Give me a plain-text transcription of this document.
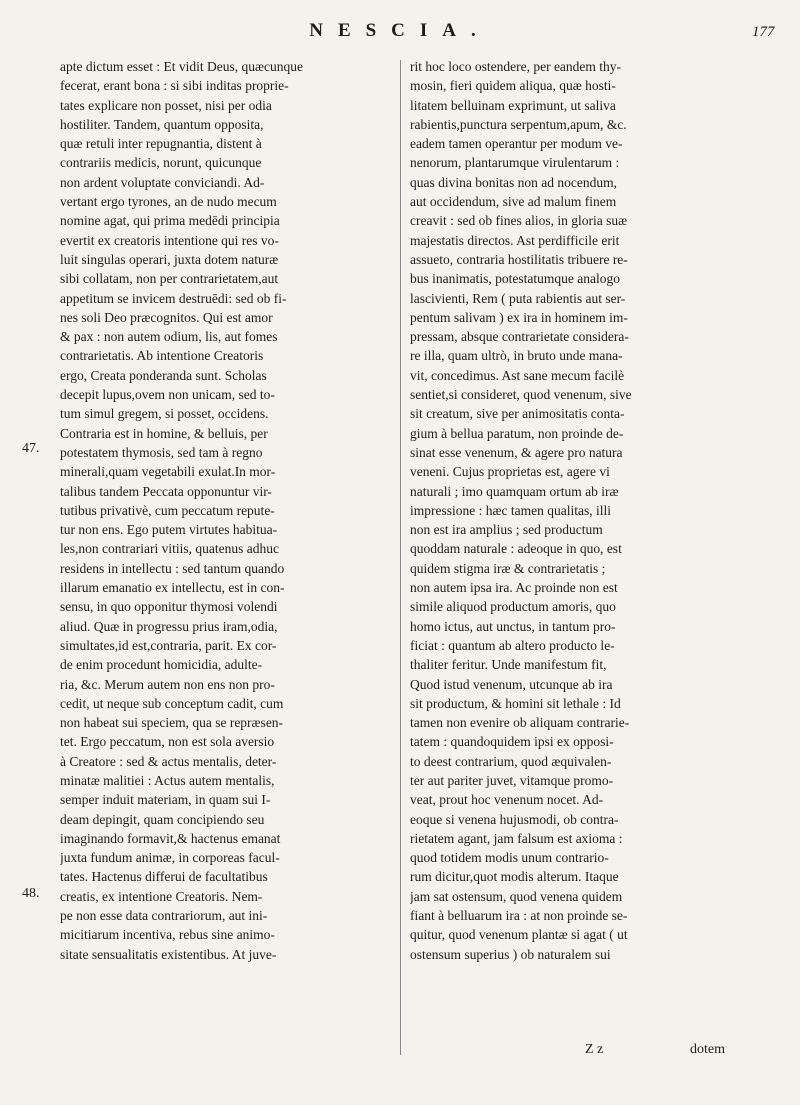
NESCIA.	177
47.
48.
apte dictum esset : Et vidit Deus, quæcunque
fecerat, erant bona : si sibi inditas proprie-
tates explicare non posset, nisi per odia
hostiliter. Tandem, quantum opposita,
quæ retuli inter repugnantia, distent à
contrariis medicis, norunt, quicunque
non ardent voluptate conviciandi. Ad-
vertant ergo tyrones, an de nudo mecum
nomine agat, qui prima medēdi principia
evertit ex creatoris intentione qui res vo-
luit singulas operari, juxta dotem naturæ
sibi collatam, non per contrarietatem,aut
appetitum se invicem destruēdi: sed ob fi-
nes soli Deo præcognitos. Qui est amor
& pax : non autem odium, lis, aut fomes
contrarietatis. Ab intentione Creatoris
ergo, Creata ponderanda sunt. Scholas
decepit lupus,ovem non unicam, sed to-
tum simul gregem, si posset, occidens.
Contraria est in homine, & belluis, per
potestatem thymosis, sed tam à regno
minerali,quam vegetabili exulat.In mor-
talibus tandem Peccata opponuntur vir-
tutibus privativè, cum peccatum repute-
tur non ens. Ego putem virtutes habitua-
les,non contrariari vitiis, quatenus adhuc
residens in intellectu : sed tantum quando
illarum emanatio ex intellectu, est in con-
sensu, in quo opponitur thymosi volendi
aliud. Quæ in progressu prius iram,odia,
simultates,id est,contraria, parit. Ex cor-
de enim procedunt homicidia, adulte-
ria, &c. Merum autem non ens non pro-
cedit, ut neque sub conceptum cadit, cum
non habeat sui speciem, qua se repræsen-
tet. Ergo peccatum, non est sola aversio
à Creatore : sed & actus mentalis, deter-
minatæ malitiei : Actus autem mentalis,
semper induit materiam, in quam sui I-
deam depingit, quam concipiendo seu
imaginando formavit,& hactenus emanat
juxta fundum animæ, in corporeas facul-
tates. Hactenus differui de facultatibus
creatis, ex intentione Creatoris. Nem-
pe non esse data contrariorum, aut ini-
micitiarum incentiva, rebus sine animo-
sitate sensualitatis existentibus. At juve-
rit hoc loco ostendere, per eandem thy-
mosin, fieri quidem aliqua, quæ hosti-
litatem belluinam exprimunt, ut saliva
rabientis,punctura serpentum,apum, &c.
eadem tamen operantur per modum ve-
nenorum, plantarumque virulentarum :
quas divina bonitas non ad nocendum,
aut occidendum, sive ad malum finem
creavit : sed ob fines alios, in gloria suæ
majestatis directos. Ast perdifficile erit
assueto, contraria hostilitatis tribuere re-
bus inanimatis, potestatumque analogo
lascivienti, Rem ( puta rabientis aut ser-
pentum salivam ) ex ira in hominem im-
pressam, absque contrarietate considera-
re illa, quam ultrò, in bruto unde mana-
vit, concedimus. Ast sane mecum facilè
sentiet,si consideret, quod venenum, sive
sit creatum, sive per animositatis conta-
gium à bellua paratum, non proinde de-
sinat esse venenum, & agere pro natura
veneni. Cujus proprietas est, agere vi
naturali ; imo quamquam ortum ab iræ
impressione : hæc tamen qualitas, illi
non est ira amplius ; sed productum
quoddam naturale : adeoque in quo, est
quidem stigma iræ & contrarietatis ;
non autem ipsa ira. Ac proinde non est
simile aliquod productum amoris, quo
homo ictus, aut unctus, in tantum pro-
ficiat : quantum ab altero producto le-
thaliter feritur. Unde manifestum fit,
Quod istud venenum, utcunque ab ira
sit productum, & homini sit lethale : Id
tamen non evenire ob aliquam contrarie-
tatem : quandoquidem ipsi ex opposi-
to deest contrarium, quod æquivalen-
ter aut pariter juvet, vitamque promo-
veat, prout hoc venenum nocet. Ad-
eoque si venena hujusmodi, ob contra-
rietatem agant, jam falsum est axioma :
quod totidem modis unum contrario-
rum dicitur,quot modis alterum. Itaque
jam sat ostensum, quod venena quidem
fiant à belluarum ira : at non proinde se-
quitur, quod venenum plantæ si agat ( ut
ostensum superius ) ob naturalem sui
Z z	dotem
